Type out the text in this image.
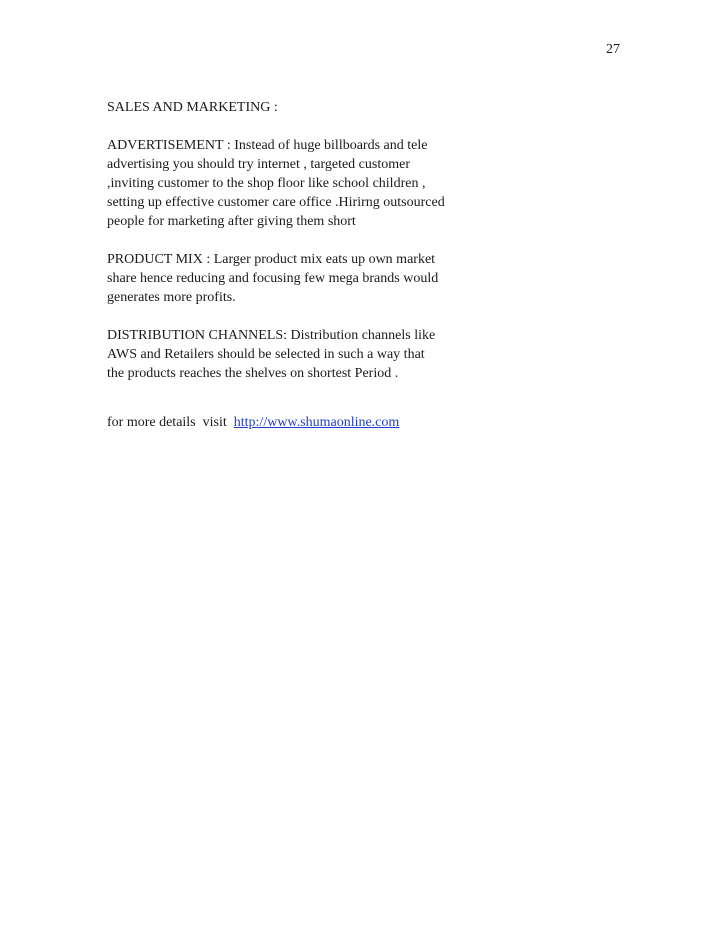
27
SALES AND MARKETING :
ADVERTISEMENT : Instead of huge billboards and tele
advertising you should try internet , targeted customer
,inviting customer to the shop floor like school children ,
setting up effective customer care office .Hirirng outsourced
people for marketing after giving them short
PRODUCT MIX : Larger product mix eats up own market
share hence reducing and focusing few mega brands would
generates more profits.
DISTRIBUTION CHANNELS: Distribution channels like
AWS and Retailers should be selected in such a way that
the products reaches the shelves on shortest Period .
for more details  visit  http://www.shumaonline.com
